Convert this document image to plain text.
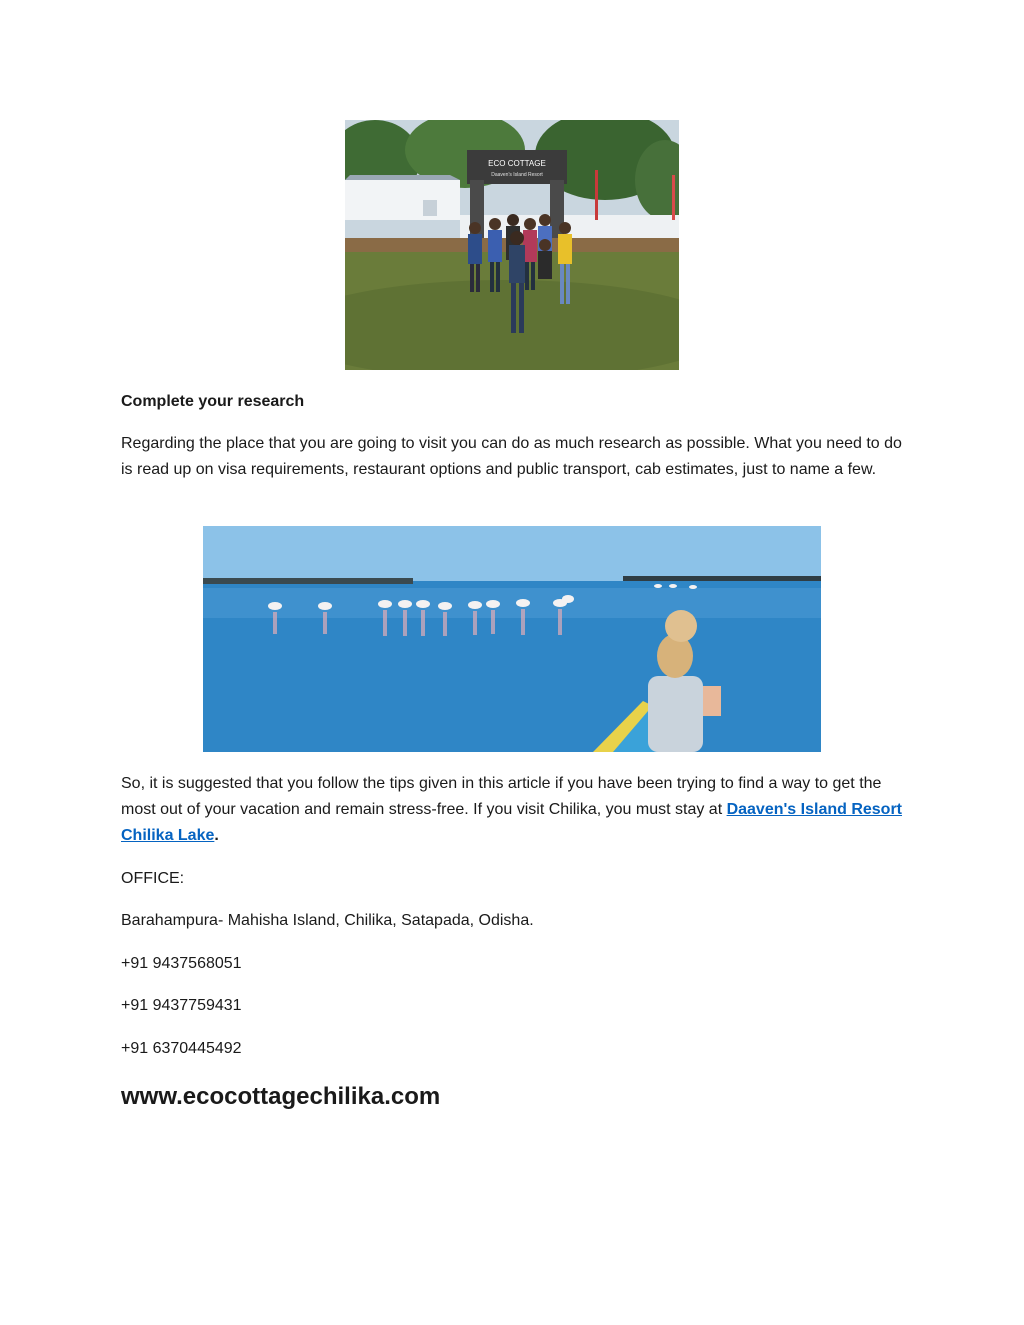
ECO COTTAGE
Daaven's Island Resort
Complete your research
Regarding the place that you are going to visit you can do as much research as possible. What you need to do is read up on visa requirements, restaurant options and public transport, cab estimates, just to name a few.
So, it is suggested that you follow the tips given in this article if you have been trying to find a way to get the most out of your vacation and remain stress-free. If you visit Chilika, you must stay at Daaven's Island Resort Chilika Lake.
OFFICE:
Barahampura- Mahisha Island, Chilika, Satapada, Odisha.
+91 9437568051
+91 9437759431
+91 6370445492
www.ecocottagechilika.com
